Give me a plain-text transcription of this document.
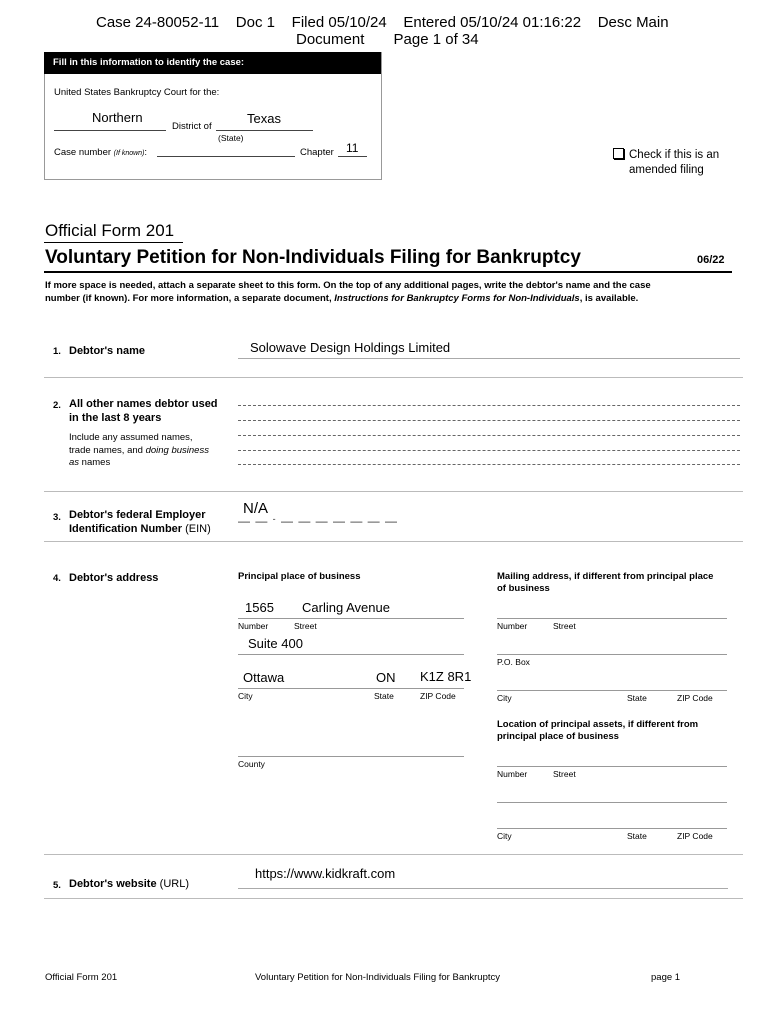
Case 24-80052-11    Doc 1    Filed 05/10/24    Entered 05/10/24 01:16:22    Desc Main
Document       Page 1 of 34
Fill in this information to identify the case:
United States Bankruptcy Court for the:
Northern
District of
Texas
(State)
Case number (If known):	Chapter 11	Check if this is an
amended filing
Official Form 201
Voluntary Petition for Non-Individuals Filing for Bankruptcy	06/22
If more space is needed, attach a separate sheet to this form. On the top of any additional pages, write the debtor's name and the case
number (if known). For more information, a separate document, Instructions for Bankruptcy Forms for Non-Individuals, is available.
1. Debtor's name	Solowave Design Holdings Limited
2. All other names debtor used
in the last 8 years
Include any assumed names,
trade names, and doing business
as names
3. Debtor's federal Employer
Identification Number (EIN)
N/A
— — - — — — — — — —
4. Debtor's address	Principal place of business	Mailing address, if different from principal place
of business
1565 Carling Avenue
Number	Street
Suite 400
Ottawa	ON K1Z 8R1
City	State	ZIP Code
County
Number	Street
P.O. Box
City	State	ZIP Code
Location of principal assets, if different from
principal place of business
Number	Street
City	State	ZIP Code
5. Debtor's website (URL)
https://www.kidkraft.com
Official Form 201	Voluntary Petition for Non-Individuals Filing for Bankruptcy	page 1
